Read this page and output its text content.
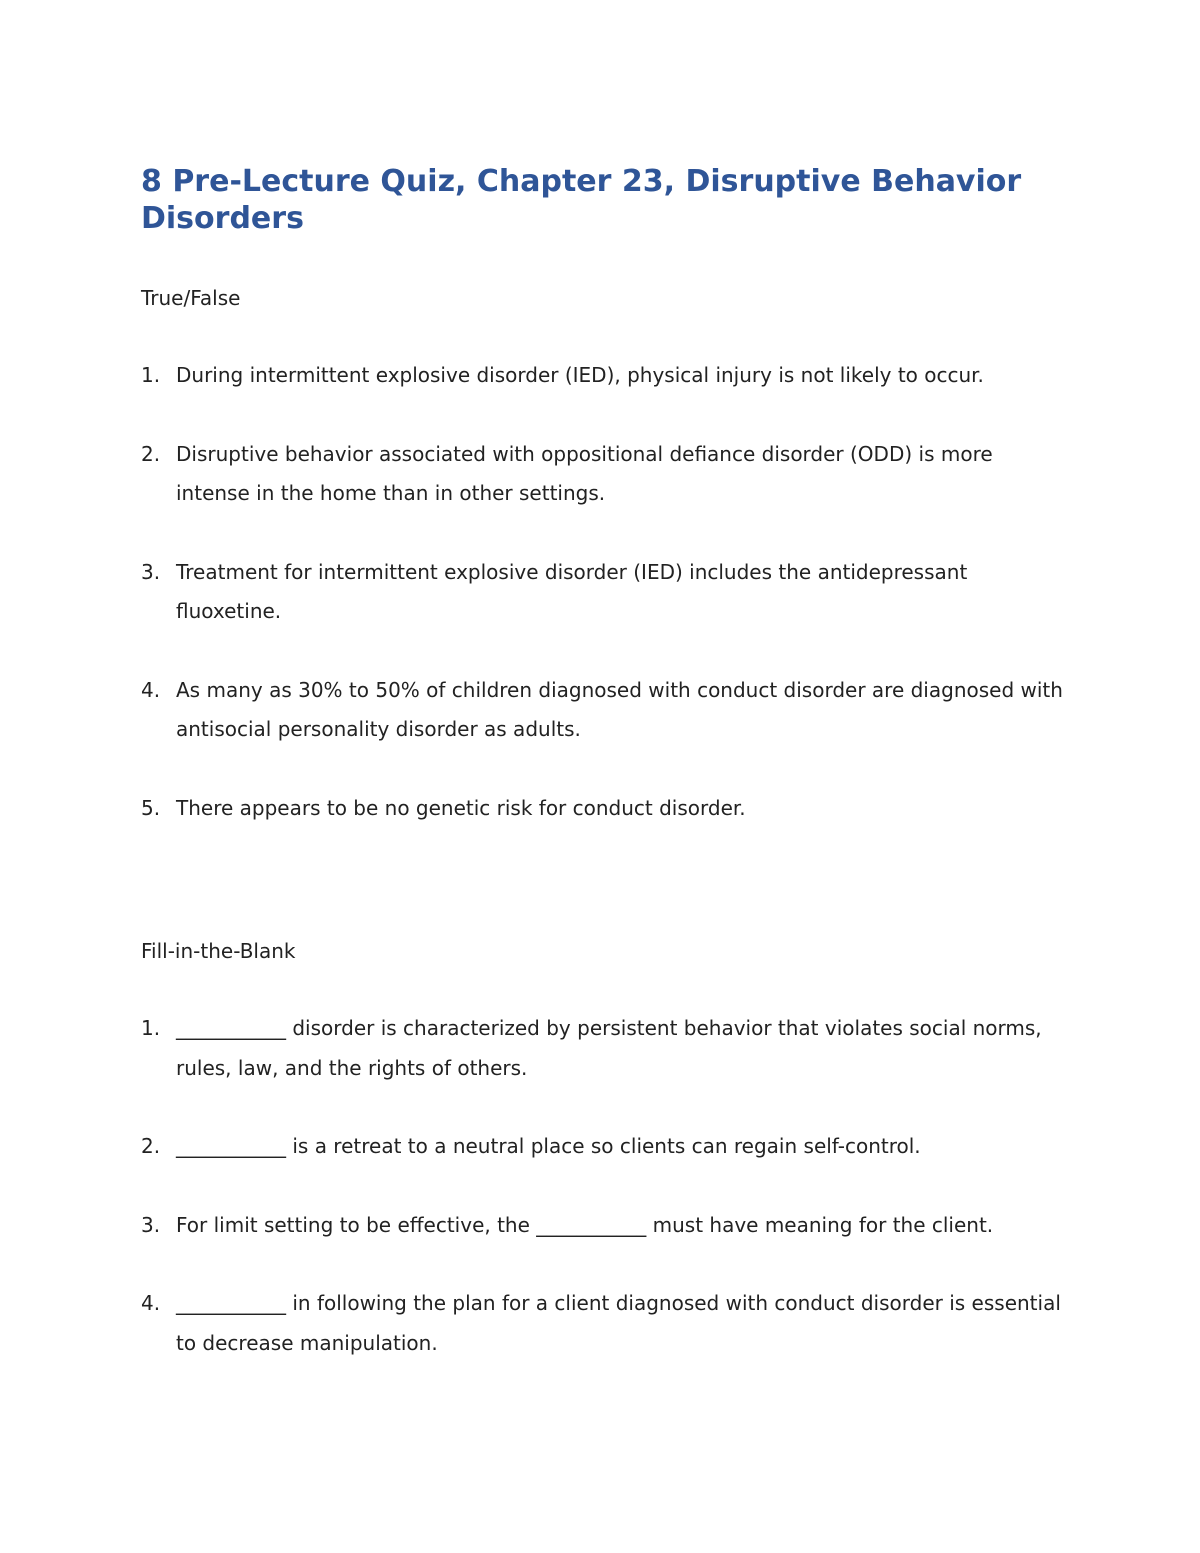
8 Pre-Lecture Quiz, Chapter 23, Disruptive Behavior Disorders
True/False
1. During intermittent explosive disorder (IED), physical injury is not likely to occur.
2. Disruptive behavior associated with oppositional defiance disorder (ODD) is more intense in the home than in other settings.
3. Treatment for intermittent explosive disorder (IED) includes the antidepressant fluoxetine.
4. As many as 30% to 50% of children diagnosed with conduct disorder are diagnosed with antisocial personality disorder as adults.
5. There appears to be no genetic risk for conduct disorder.
Fill-in-the-Blank
1. ___________ disorder is characterized by persistent behavior that violates social norms, rules, law, and the rights of others.
2. ___________ is a retreat to a neutral place so clients can regain self-control.
3. For limit setting to be effective, the ___________ must have meaning for the client.
4. ___________ in following the plan for a client diagnosed with conduct disorder is essential to decrease manipulation.
